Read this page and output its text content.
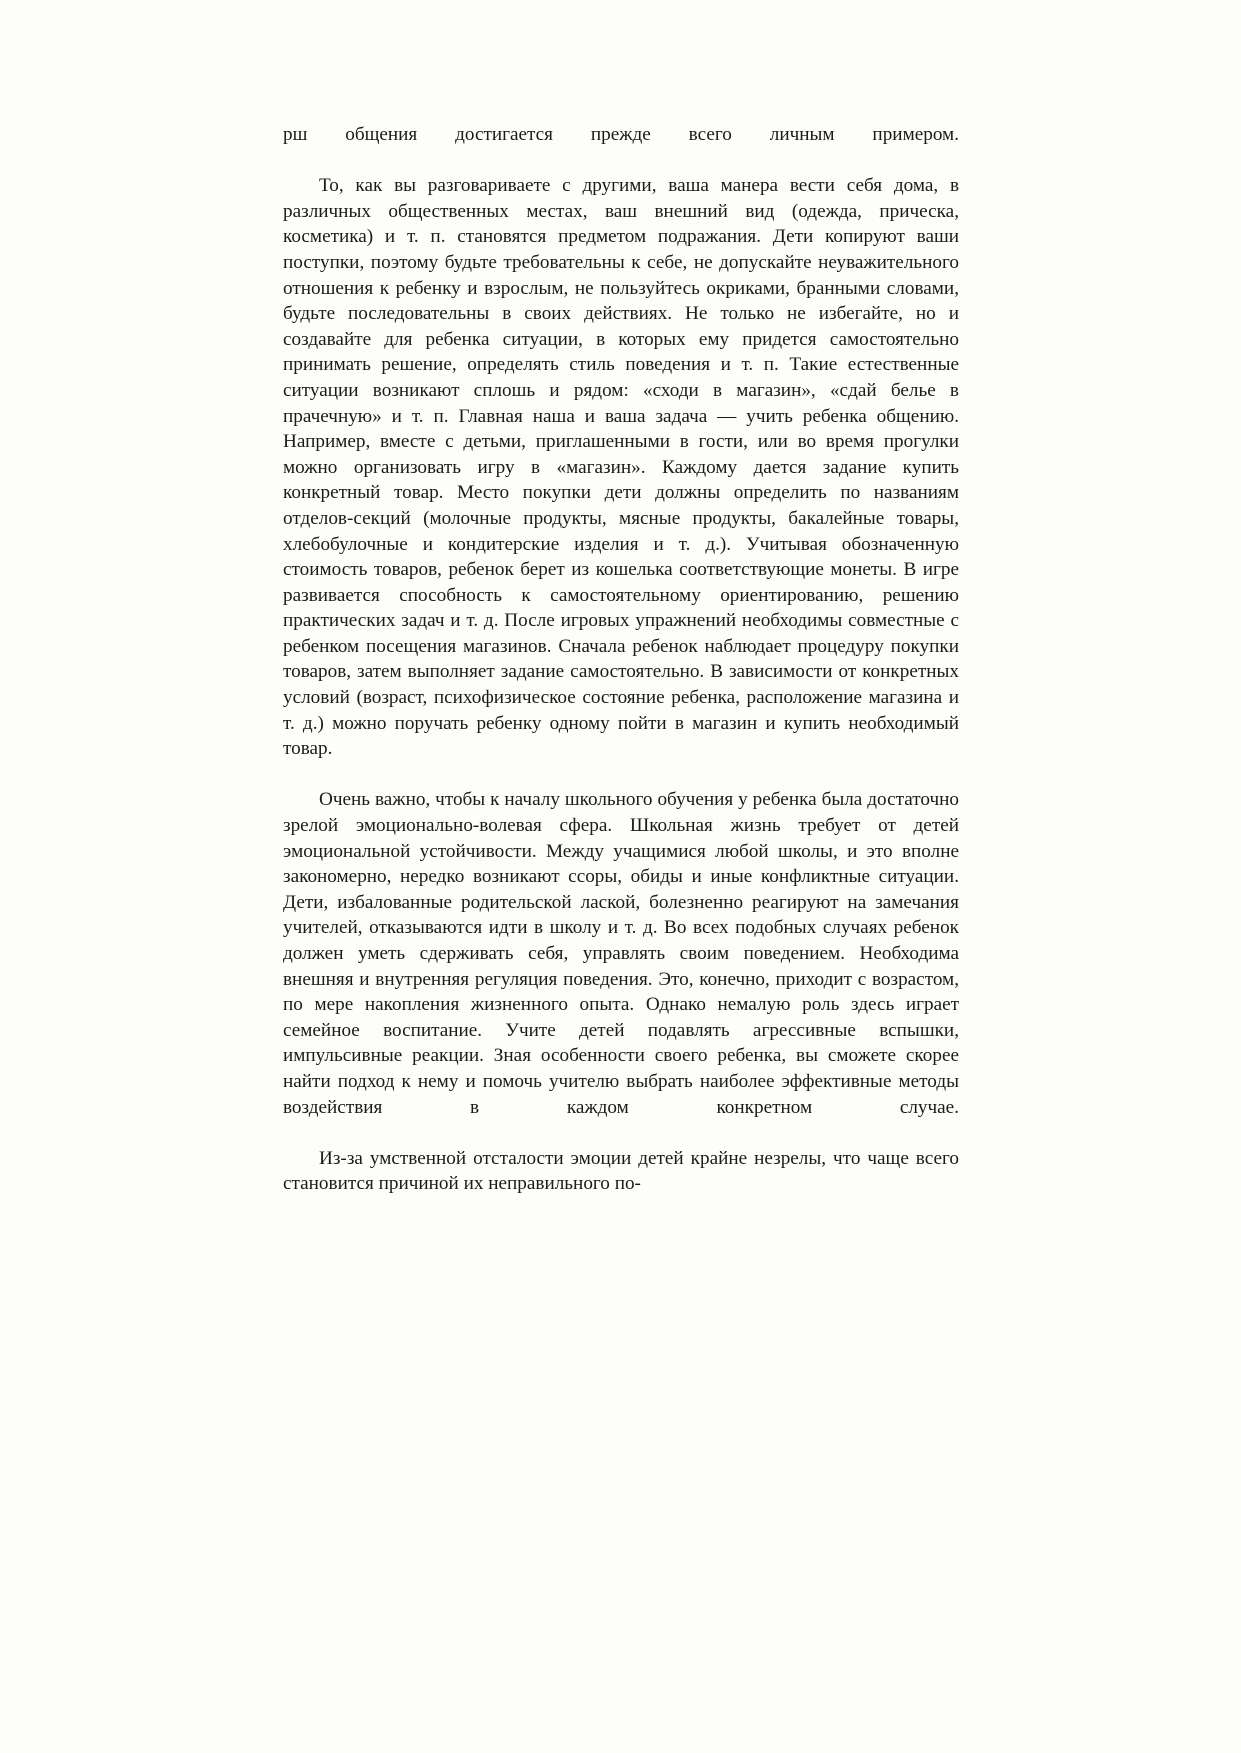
рш общения достигается прежде всего личным примером.

То, как вы разговариваете с другими, ваша манера вести себя дома, в различных общественных местах, ваш внешний вид (одежда, прическа, косметика) и т. п. становятся предметом подражания. Дети копируют ваши поступки, поэтому будьте требовательны к себе, не допускайте неуважительного отношения к ребенку и взрослым, не пользуйтесь окриками, бранными словами, будьте последовательны в своих действиях. Не только не избегайте, но и создавайте для ребенка ситуации, в которых ему придется самостоятельно принимать решение, определять стиль поведения и т. п. Такие естественные ситуации возникают сплошь и рядом: «сходи в магазин», «сдай белье в прачечную» и т. п. Главная наша и ваша задача — учить ребенка общению. Например, вместе с детьми, приглашенными в гости, или во время прогулки можно организовать игру в «магазин». Каждому дается задание купить конкретный товар. Место покупки дети должны определить по названиям отделов-секций (молочные продукты, мясные продукты, бакалейные товары, хлебобулочные и кондитерские изделия и т. д.). Учитывая обозначенную стоимость товаров, ребенок берет из кошелька соответствующие монеты. В игре развивается способность к самостоятельному ориентированию, решению практических задач и т. д. После игровых упражнений необходимы совместные с ребенком посещения магазинов. Сначала ребенок наблюдает процедуру покупки товаров, затем выполняет задание самостоятельно. В зависимости от конкретных условий (возраст, психофизическое состояние ребенка, расположение магазина и т. д.) можно поручать ребенку одному пойти в магазин и купить необходимый товар.

Очень важно, чтобы к началу школьного обучения у ребенка была достаточно зрелой эмоционально-волевая сфера. Школьная жизнь требует от детей эмоциональной устойчивости. Между учащимися любой школы, и это вполне закономерно, нередко возникают ссоры, обиды и иные конфликтные ситуации. Дети, избалованные родительской лаской, болезненно реагируют на замечания учителей, отказываются идти в школу и т. д. Во всех подобных случаях ребенок должен уметь сдерживать себя, управлять своим поведением. Необходима внешняя и внутренняя регуляция поведения. Это, конечно, приходит с возрастом, по мере накопления жизненного опыта. Однако немалую роль здесь играет семейное воспитание. Учите детей подавлять агрессивные вспышки, импульсивные реакции. Зная особенности своего ребенка, вы сможете скорее найти подход к нему и помочь учителю выбрать наиболее эффективные методы воздействия в каждом конкретном случае.

Из-за умственной отсталости эмоции детей крайне незрелы, что чаще всего становится причиной их неправильного по-
